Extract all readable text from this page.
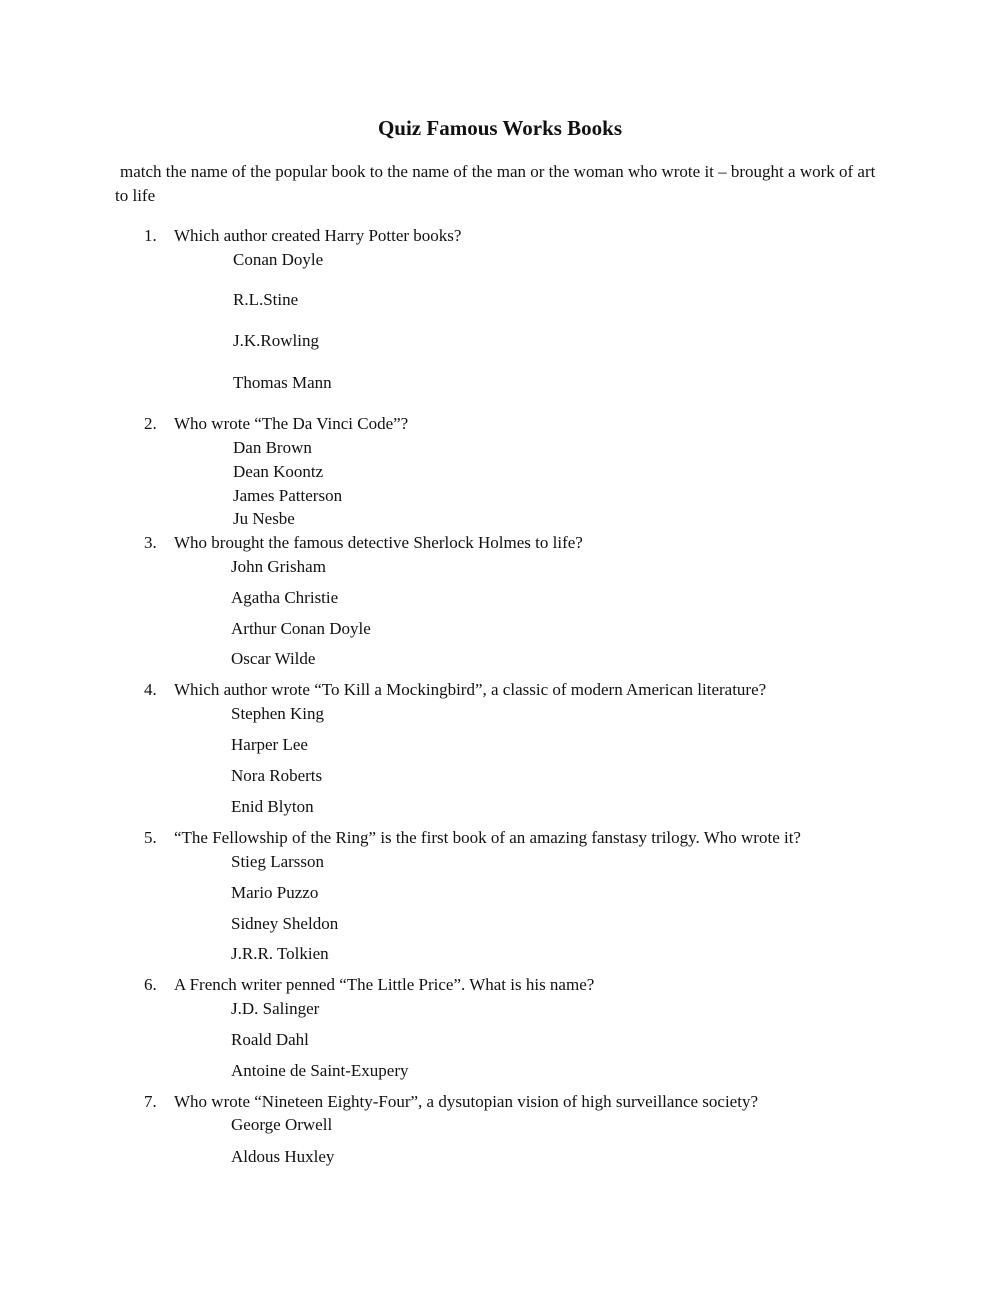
Quiz Famous Works Books

match the name of the popular book to the name of the man or the woman who wrote it – brought a work of art to life

1. Which author created Harry Potter books?
Conan Doyle
R.L.Stine
J.K.Rowling
Thomas Mann
2. Who wrote “The Da Vinci Code”?
Dan Brown
Dean Koontz
James Patterson
Ju Nesbe
3. Who brought the famous detective Sherlock Holmes to life?
John Grisham
Agatha Christie
Arthur Conan Doyle
Oscar Wilde
4. Which author wrote “To Kill a Mockingbird”, a classic of modern American literature?
Stephen King
Harper Lee
Nora Roberts
Enid Blyton
5. “The Fellowship of the Ring” is the first book of an amazing fanstasy trilogy. Who wrote it?
Stieg Larsson
Mario Puzzo
Sidney Sheldon
J.R.R. Tolkien
6. A French writer penned “The Little Price”. What is his name?
J.D. Salinger
Roald Dahl
Antoine de Saint-Exupery
7. Who wrote “Nineteen Eighty-Four”, a dysutopian vision of high surveillance society?
George Orwell
Aldous Huxley
